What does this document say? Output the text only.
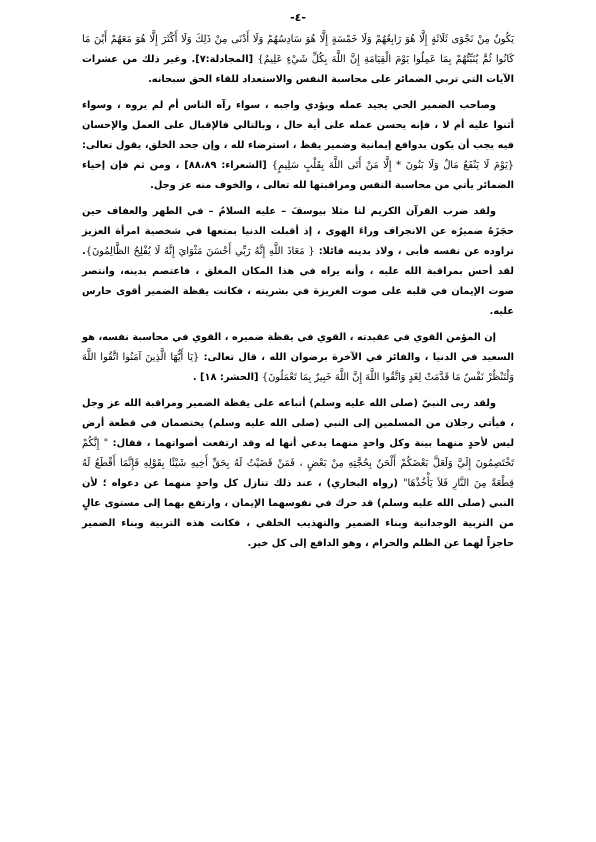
-٤-

يَكُونُ مِنْ نَجْوَى ثَلَاثَةٍ إِلَّا هُوَ رَابِعُهُمْ وَلَا خَمْسَةٍ إِلَّا هُوَ سَادِسُهُمْ وَلَا أَدْنَى مِنْ ذَلِكَ وَلَا أَكْثَرَ إِلَّا هُوَ مَعَهُمْ أَيْنَ مَا كَانُوا ثُمَّ يُنَبِّئُهُمْ بِمَا عَمِلُوا يَوْمَ الْقِيَامَةِ إِنَّ اللَّهَ بِكُلِّ شَيْءٍ عَلِيمٌ} [المجادلة:٧]. وغير ذلك من عشرات الآيات التي تربي الضمائر على محاسبة النفس والاستعداد للقاء الحق سبحانه.

وصاحب الضمير الحي يجيد عمله ويؤدي واجبه ، سواء رآه الناس أم لم يروه ، وسواء أثنوا عليه أم لا ، فإنه يحسن عمله على أية حال ، وبالتالي فالإقبال على العمل والإحسان فيه يجب أن يكون بدوافع إيمانية وضمير يقظ ، استرضاء لله ، وإن جحد الخلق، يقول تعالى:{يَوْمَ لَا يَنْفَعُ مَالٌ وَلَا بَنُونَ * إِلَّا مَنْ أَتَى اللَّهَ بِقَلْبٍ سَلِيمٍ} [الشعراء: ٨٨،٨٩] ، ومن ثم فإن إحياء الضمائر يأتي من محاسبة النفس ومراقبتها لله تعالى ، والخوف منه عز وجل.

ولقد ضرب القرآن الكريم لنا مثلا بيوسفَ – عليه السلامُ – في الطهر والعفاف حين حجَزَهُ ضميرُه عن الانجراف وراءَ الهوى ، إذ أقبلت الدنيا بمتعها في شخصية امرأة العزيز تراوده عن نفسه فأبى ، ولاذ بدينه قائلا: { مَعَاذَ اللَّهِ إِنَّهُ رَبِّي أَحْسَنَ مَثْوَايَ إِنَّهُ لَا يُفْلِحُ الظَّالِمُونَ}. لقد أحس بمراقبة الله عليه ، وأنه يراه في هذا المكان المغلق ، فاعتصم بدينه، وانتصر صوت الإيمان في قلبه على صوت الغريزة في بشريته ، فكانت يقظة الضمير أقوى حارس عليه.

إن المؤمن القوي في عقيدته ، القوي في يقظة ضميره ، القوي في محاسبة نفسه، هو السعيد في الدنيا ، والفائز في الآخرة برضوان الله ، قال تعالى: {يَا أَيُّهَا الَّذِينَ آمَنُوا اتَّقُوا اللَّهَ وَلْتَنْظُرْ نَفْسٌ مَا قَدَّمَتْ لِغَدٍ وَاتَّقُوا اللَّهَ إِنَّ اللَّهَ خَبِيرٌ بِمَا تَعْمَلُونَ} [الحشر: ١٨] .

ولقد ربى النبيّ (صلى الله عليه وسلم) أتباعه على يقظة الضمير ومراقبة الله عز وجل ، فيأتي رجلان من المسلمين إلى النبي (صلى الله عليه وسلم) يختصمان في قطعة أرض ليس لأحدٍ منهما بينة وكل واحدٍ منهما يدعي أنها له وقد ارتفعت أصواتهما ، فقال: " إِنَّكُمْ تَخْتَصِمُونَ إِلَيَّ وَلَعَلَّ بَعْضَكُمْ أَلْحَنُ بِحُجَّتِهِ مِنْ بَعْضٍ ، فَمَنْ قَضَيْتُ لَهُ بِحَقِّ أَخِيهِ شَيْئًا بِقَوْلِهِ فَإِنَّمَا أَقْطَعُ لَهُ قِطْعَةً مِنَ النَّارِ فَلاَ يَأْخُذْهَا" (رواه البخاري) ، عند ذلك تنازل كل واحدٍ منهما عن دعواه ؛ لأن النبي (صلى الله عليه وسلم) قد حرك في نفوسهما الإيمان ، وارتفع بهما إلى مستوى عالٍ من التربية الوجدانية وبناء الضمير والتهذيب الخلقي ، فكانت هذه التربية وبناء الضمير حاجزاً لهما عن الظلم والحرام ، وهو الدافع إلى كل خير.
